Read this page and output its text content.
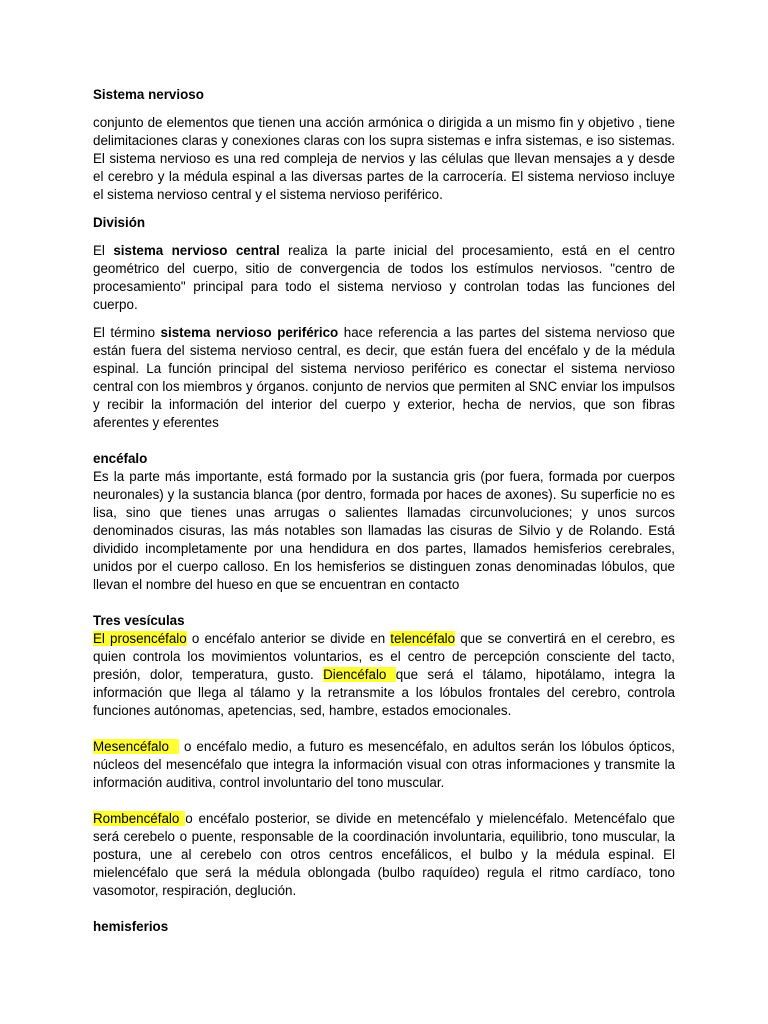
Sistema nervioso

conjunto de elementos que tienen una acción armónica o dirigida a un mismo fin y objetivo , tiene delimitaciones claras y conexiones claras con los supra sistemas e infra sistemas, e iso sistemas. El sistema nervioso es una red compleja de nervios y las células que llevan mensajes a y desde el cerebro y la médula espinal a las diversas partes de la carrocería. El sistema nervioso incluye el sistema nervioso central y el sistema nervioso periférico.

División

El sistema nervioso central realiza la parte inicial del procesamiento, está en el centro geométrico del cuerpo, sitio de convergencia de todos los estímulos nerviosos. "centro de procesamiento" principal para todo el sistema nervioso y controlan todas las funciones del cuerpo.

El término sistema nervioso periférico hace referencia a las partes del sistema nervioso que están fuera del sistema nervioso central, es decir, que están fuera del encéfalo y de la médula espinal. La función principal del sistema nervioso periférico es conectar el sistema nervioso central con los miembros y órganos. conjunto de nervios que permiten al SNC enviar los impulsos y recibir la información del interior del cuerpo y exterior, hecha de nervios, que son fibras aferentes y eferentes

encéfalo

Es la parte más importante, está formado por la sustancia gris (por fuera, formada por cuerpos neuronales) y la sustancia blanca (por dentro, formada por haces de axones). Su superficie no es lisa, sino que tienes unas arrugas o salientes llamadas circunvoluciones; y unos surcos denominados cisuras, las más notables son llamadas las cisuras de Silvio y de Rolando. Está dividido incompletamente por una hendidura en dos partes, llamados hemisferios cerebrales, unidos por el cuerpo calloso. En los hemisferios se distinguen zonas denominadas lóbulos, que llevan el nombre del hueso en que se encuentran en contacto

Tres vesículas

El prosencéfalo o encéfalo anterior se divide en telencéfalo que se convertirá en el cerebro, es quien controla los movimientos voluntarios, es el centro de percepción consciente del tacto, presión, dolor, temperatura, gusto. Diencéfalo que será el tálamo, hipotálamo, integra la información que llega al tálamo y la retransmite a los lóbulos frontales del cerebro, controla funciones autónomas, apetencias, sed, hambre, estados emocionales.

Mesencéfalo   o encéfalo medio, a futuro es mesencéfalo, en adultos serán los lóbulos ópticos, núcleos del mesencéfalo que integra la información visual con otras informaciones y transmite la información auditiva, control involuntario del tono muscular.

Rombencéfalo o encéfalo posterior, se divide en metencéfalo y mielencéfalo. Metencéfalo que será cerebelo o puente, responsable de la coordinación involuntaria, equilibrio, tono muscular, la postura, une al cerebelo con otros centros encefálicos, el bulbo y la médula espinal. El mielencéfalo que será la médula oblongada (bulbo raquídeo) regula el ritmo cardíaco, tono vasomotor, respiración, deglución.

hemisferios
